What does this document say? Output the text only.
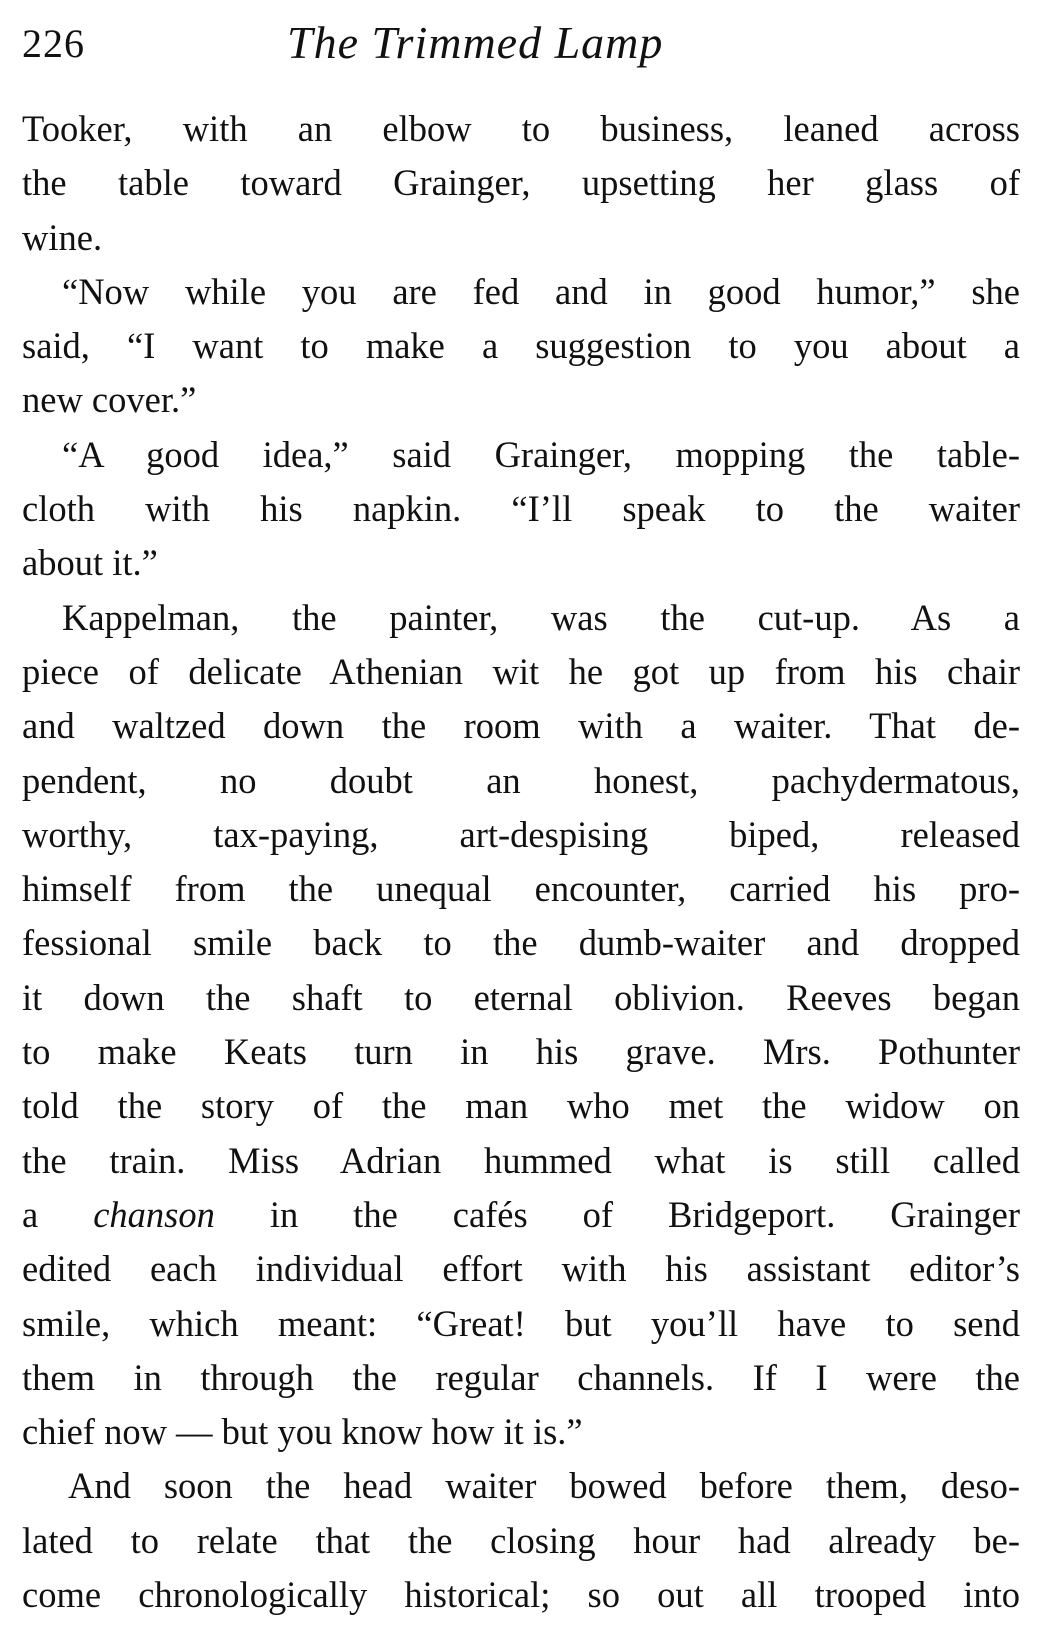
226	The Trimmed Lamp
Tooker, with an elbow to business, leaned across
the table toward Grainger, upsetting her glass of
wine.
“Now while you are fed and in good humor,” she
said, “I want to make a suggestion to you about a
new cover.”
“A good idea,” said Grainger, mopping the table-
cloth with his napkin. “I’ll speak to the waiter
about it.”
Kappelman, the painter, was the cut-up. As a
piece of delicate Athenian wit he got up from his chair
and waltzed down the room with a waiter. That de-
pendent, no doubt an honest, pachydermatous,
worthy, tax-paying, art-despising biped, released
himself from the unequal encounter, carried his pro-
fessional smile back to the dumb-waiter and dropped
it down the shaft to eternal oblivion. Reeves began
to make Keats turn in his grave. Mrs. Pothunter
told the story of the man who met the widow on
the train. Miss Adrian hummed what is still called
a chanson in the cafés of Bridgeport. Grainger
edited each individual effort with his assistant editor’s
smile, which meant: “Great! but you’ll have to send
them in through the regular channels. If I were the
chief now — but you know how it is.”
And soon the head waiter bowed before them, deso-
lated to relate that the closing hour had already be-
come chronologically historical; so out all trooped into
